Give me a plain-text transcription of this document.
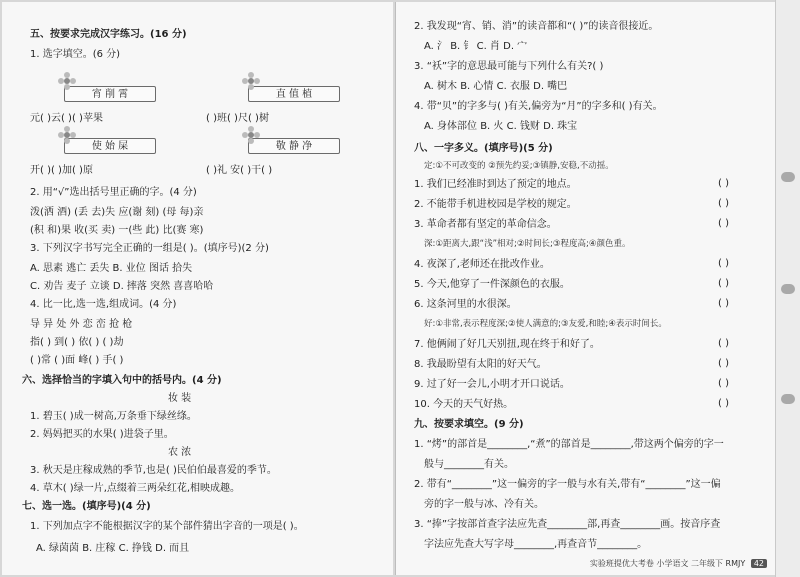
五、按要求完成汉字练习。(16 分)
1. 选字填空。(6 分)
宵 削 霄	直 值 植
元( )云( )( )苹果	( )班( )尺( )树
使 始 屎	敬 静 净
开( )( )加( )原	( )礼 安( )干( )
2. 用“√”选出括号里正确的字。(4 分)
泼(洒 酒) (丢 去)失 应(谢 刻) (母 每)亲
(积 和)果 收(买 卖) 一(些 此) 比(赛 寒)
3. 下列汉字书写完全正确的一组是( )。(填序号)(2 分)
A. 思素 逃亡 丢失 B. 业位 图话 拾失
C. 劝告 麦子 立谈 D. 摔落 突然 喜喜哈哈
4. 比一比,选一选,组成词。(4 分)
导 异 处 外 恋 峦 抢 枪
指( ) 到( ) 依( ) ( )劫
( )常 ( )面 峰( ) 手( )
六、选择恰当的字填入句中的括号内。(4 分)
妆 装
1. 碧玉( )成一树高,万条垂下绿丝绦。
2. 妈妈把买的水果( )进袋子里。
农 浓
3. 秋天是庄稼成熟的季节,也是( )民伯伯最喜爱的季节。
4. 草木( )绿一片,点缀着三两朵红花,相映成趣。
七、选一选。(填序号)(4 分)
1. 下列加点字不能根据汉字的某个部件猜出字音的一项是( )。
A. 绿茵茵 B. 庄稼 C. 挣钱 D. 而且
2. 我发现“宵、销、消”的读音都和“( )”的读音很接近。
A. 氵 B. 钅 C. 肖 D. 宀
3. “袄”字的意思最可能与下列什么有关?( )
A. 树木 B. 心情 C. 衣服 D. 嘴巴
4. 带“贝”的字多与( )有关,偏旁为“月”的字多和( )有关。
A. 身体部位 B. 火 C. 钱财 D. 珠宝
八、一字多义。(填序号)(5 分)
定:①不可改变的 ②预先约妥;③镇静,安稳,不动摇。
1. 我们已经准时到达了预定的地点。	( )
2. 不能带手机进校园是学校的规定。	( )
3. 革命者都有坚定的革命信念。	( )
深:①距离大,跟“浅”相对;②时间长;③程度高;④颜色重。
4. 夜深了,老师还在批改作业。	( )
5. 今天,他穿了一件深颜色的衣服。	( )
6. 这条河里的水很深。	( )
好:①非常,表示程度深;②使人满意的;③友爱,和睦;④表示时间长。
7. 他俩闹了好几天别扭,现在终于和好了。	( )
8. 我最盼望有太阳的好天气。	( )
9. 过了好一会儿,小明才开口说话。	( )
10. 今天的天气好热。	( )
九、按要求填空。(9 分)
1. “烤”的部首是________,“煮”的部首是________,带这两个偏旁的字一
般与________有关。
2. 带有“________”这一偏旁的字一般与水有关,带有“________”这一偏
旁的字一般与冰、冷有关。
3. “捧”字按部首查字法应先查________部,再查________画。按音序查
字法应先查大写字母________,再查音节________。
实验班提优大考卷 小学语文 二年级下 RMJY 42
